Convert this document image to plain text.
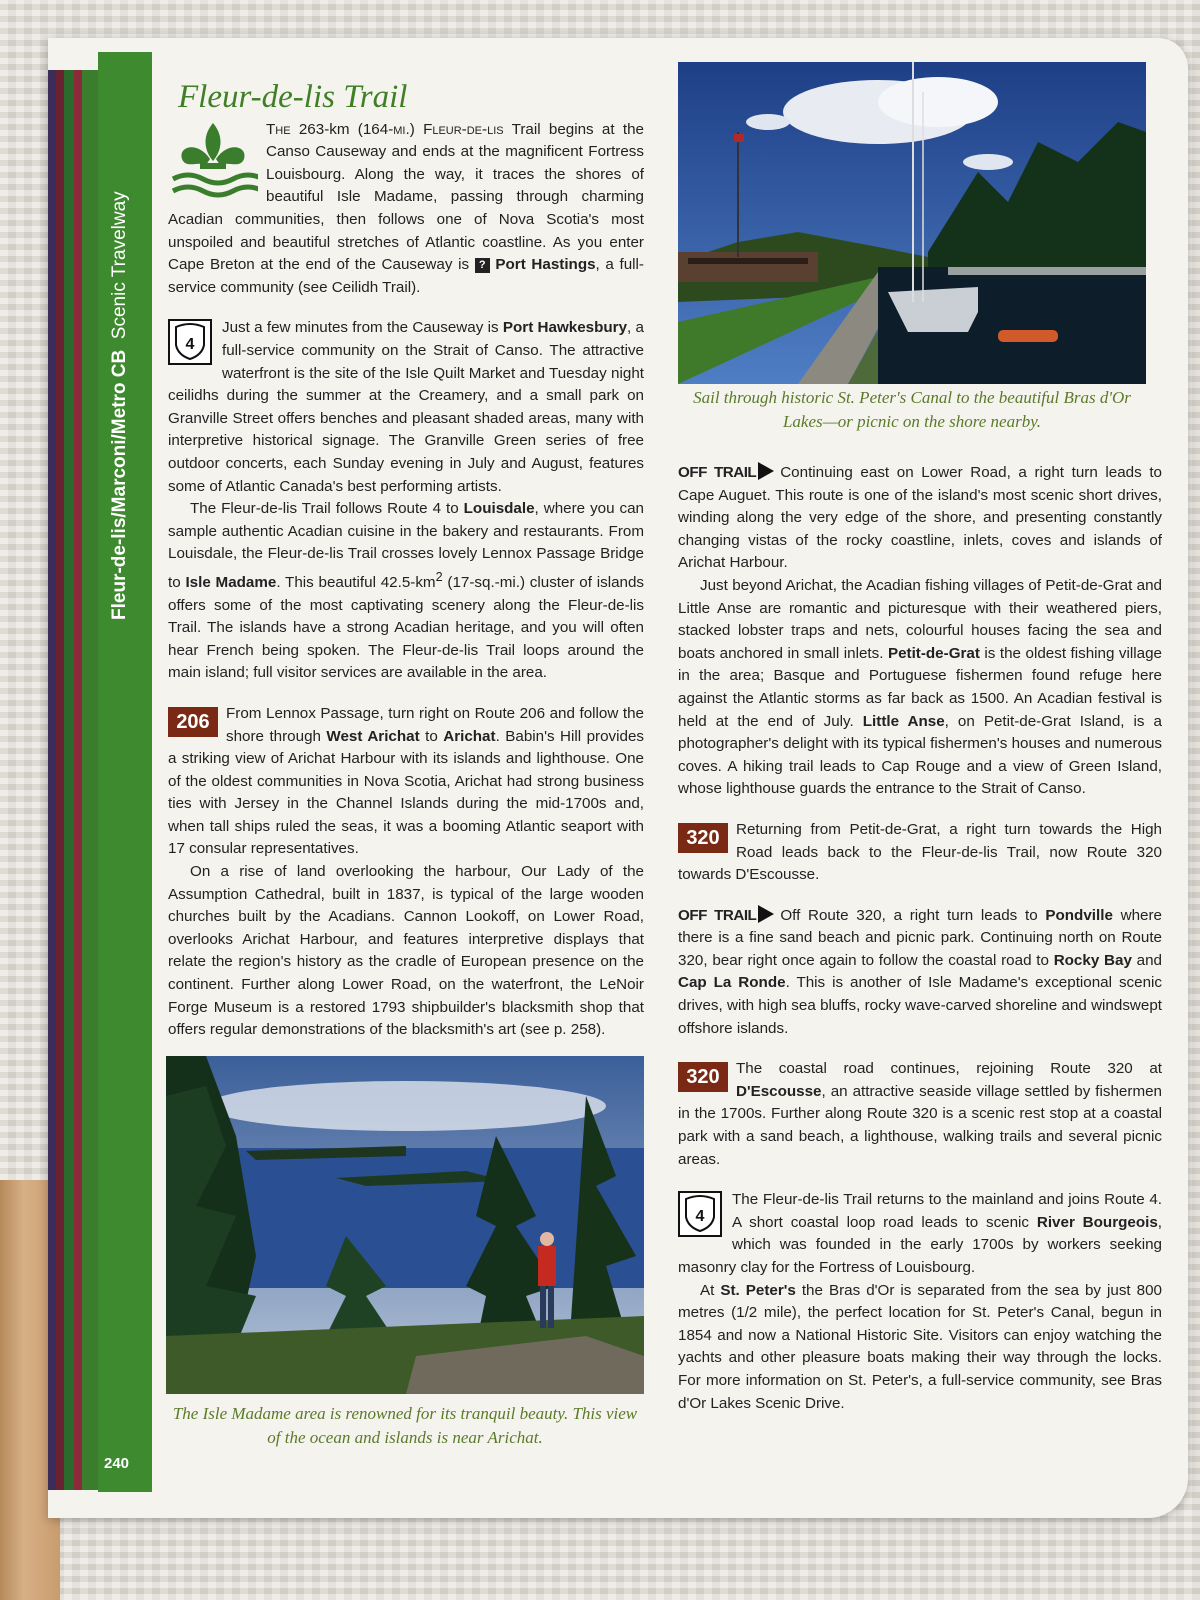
Fleur-de-lis/Marconi/Metro CB  Scenic Travelway
240
Sail through historic St. Peter's Canal to the beautiful Bras d'Or Lakes—or picnic on the shore nearby.
The Isle Madame area is renowned for its tranquil beauty. This view of the ocean and islands is near Arichat.
Fleur-de-lis Trail

The 263-km (164-mi.) Fleur-de-lis Trail begins at the Canso Causeway and ends at the magnificent Fortress Louisbourg. Along the way, it traces the shores of beautiful Isle Madame, passing through charming Acadian communities, then follows one of Nova Scotia's most unspoiled and beautiful stretches of Atlantic coastline. As you enter Cape Breton at the end of the Causeway is ? Port Hastings, a full-service community (see Ceilidh Trail).

4
Just a few minutes from the Causeway is Port Hawkesbury, a full-service community on the Strait of Canso. The attractive waterfront is the site of the Isle Quilt Market and Tuesday night ceilidhs during the summer at the Creamery, and a small park on Granville Street offers benches and pleasant shaded areas, many with interpretive historical signage. The Granville Green series of free outdoor concerts, each Sunday evening in July and August, features some of Atlantic Canada's best performing artists.

The Fleur-de-lis Trail follows Route 4 to Louisdale, where you can sample authentic Acadian cuisine in the bakery and restaurants. From Louisdale, the Fleur-de-lis Trail crosses lovely Lennox Passage Bridge to Isle Madame. This beautiful $42.5-km^2$ (17-sq.-mi.) cluster of islands offers some of the most captivating scenery along the Fleur-de-lis Trail. The islands have a strong Acadian heritage, and you will often hear French being spoken. The Fleur-de-lis Trail loops around the main island; full visitor services are available in the area.

206	From Lennox Passage, turn right on Route 206 and follow the shore through West Arichat to Arichat. Babin's Hill provides a striking view of Arichat Harbour with its islands and lighthouse. One of the oldest communities in Nova Scotia, Arichat had strong business ties with Jersey in the Channel Islands during the mid-1700s and, when tall ships ruled the seas, it was a booming Atlantic seaport with 17 consular representatives.

On a rise of land overlooking the harbour, Our Lady of the Assumption Cathedral, built in 1837, is typical of the large wooden churches built by the Acadians. Cannon Lookoff, on Lower Road, overlooks Arichat Harbour, and features interpretive displays that relate the region's history as the cradle of European presence on the continent. Further along Lower Road, on the waterfront, the LeNoir Forge Museum is a restored 1793 shipbuilder's blacksmith shop that offers regular demonstrations of the blacksmith's art (see p. 258).

OFF TRAIL Continuing east on Lower Road, a right turn leads to Cape Auguet. This route is one of the island's most scenic short drives, winding along the very edge of the shore, and presenting constantly changing vistas of the rocky coastline, inlets, coves and islands of Arichat Harbour.

Just beyond Arichat, the Acadian fishing villages of Petit-de-Grat and Little Anse are romantic and picturesque with their weathered piers, stacked lobster traps and nets, colourful houses facing the sea and boats anchored in small inlets. Petit-de-Grat is the oldest fishing village in the area; Basque and Portuguese fishermen found refuge here against the Atlantic storms as far back as 1500. An Acadian festival is held at the end of July. Little Anse, on Petit-de-Grat Island, is a photographer's delight with its typical fishermen's houses and numerous coves. A hiking trail leads to Cap Rouge and a view of Green Island, whose lighthouse guards the entrance to the Strait of Canso.

320	Returning from Petit-de-Grat, a right turn towards the High Road leads back to the Fleur-de-lis Trail, now Route 320 towards D'Escousse.

OFF TRAIL Off Route 320, a right turn leads to Pondville where there is a fine sand beach and picnic park. Continuing north on Route 320, bear right once again to follow the coastal road to Rocky Bay and Cap La Ronde. This is another of Isle Madame's exceptional scenic drives, with high sea bluffs, rocky wave-carved shoreline and windswept offshore islands.

320	The coastal road continues, rejoining Route 320 at D'Escousse, an attractive seaside village settled by fishermen in the 1700s. Further along Route 320 is a scenic rest stop at a coastal park with a sand beach, a lighthouse, walking trails and several picnic areas.

4
The Fleur-de-lis Trail returns to the mainland and joins Route 4. A short coastal loop road leads to scenic River Bourgeois, which was founded in the early 1700s by workers seeking masonry clay for the Fortress of Louisbourg.

At St. Peter's the Bras d'Or is separated from the sea by just 800 metres (1/2 mile), the perfect location for St. Peter's Canal, begun in 1854 and now a National Historic Site. Visitors can enjoy watching the yachts and other pleasure boats making their way through the locks. For more information on St. Peter's, a full-service community, see Bras d'Or Lakes Scenic Drive.
